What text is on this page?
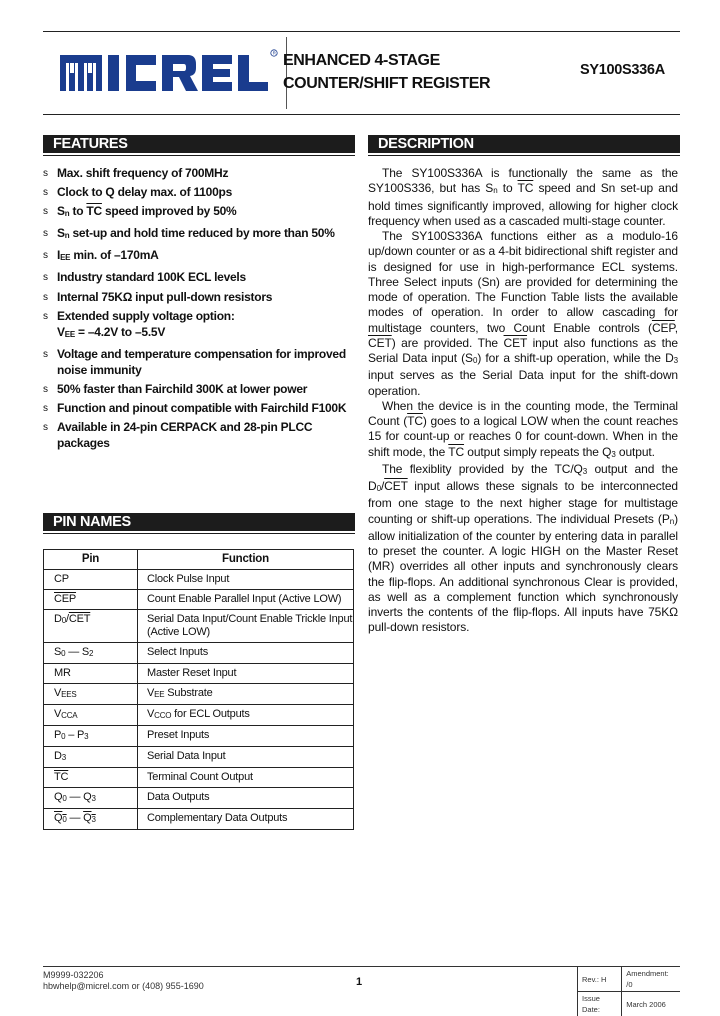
R ENHANCED 4-STAGE
COUNTER/SHIFT REGISTER
SY100S336A
FEATURES
s Max. shift frequency of 700MHz
s Clock to Q delay max. of 1100ps
s $S_n$ to $\overline{TC}$ speed improved by 50%
s $S_n$ set-up and hold time reduced by more than 50%
s $I_{EE}$ min. of –170mA
s Industry standard 100K ECL levels
s Internal 75KΩ input pull-down resistors
s Extended supply voltage option:
$V_{EE} = -4.2V$ to –5.5V
s Voltage and temperature compensation for improved noise immunity
s 50% faster than Fairchild 300K at lower power
s Function and pinout compatible with Fairchild F100K
s Available in 24-pin CERPACK and 28-pin PLCC packages
PIN NAMES
Pin	Function
CP	Clock Pulse Input
$\overline{CEP}$	Count Enable Parallel Input (Active LOW)
$D_0/\overline{CET}$	Serial Data Input/Count Enable Trickle Input (Active LOW)
$S_0$ — $S_2$	Select Inputs
MR	Master Reset Input
$V_{EES}$	$V_{EE}$ Substrate
$V_{CCA}$	$V_{CCO}$ for ECL Outputs
$P_0 - P_3$	Preset Inputs
$D_3$	Serial Data Input
$\overline{TC}$	Terminal Count Output
$Q_0$ — $Q_3$	Data Outputs
$Q_0$ — $Q_3$	Complementary Data Outputs
DESCRIPTION

The SY100S336A is functionally the same as the SY100S336, but has $S_n$ to $\overline{TC}$ speed and Sn set-up and hold times significantly improved, allowing for higher clock frequency when used as a cascaded multi-stage counter.

The SY100S336A functions either as a modulo-16 up/down counter or as a 4-bit bidirectional shift register and is designed for use in high-performance ECL systems. Three Select inputs (Sn) are provided for determining the mode of operation. The Function Table lists the available modes of operation. In order to allow cascading for multistage counters, two Count Enable controls ($\overline{CEP}$, $\overline{CET}$) are provided. The $\overline{CET}$ input also functions as the Serial Data input $(S_0)$ for a shift-up operation, while the $D_3$ input serves as the Serial Data input for the shift-down operation.

When the device is in the counting mode, the Terminal Count $(\overline{TC})$ goes to a logical LOW when the count reaches 15 for count-up or reaches 0 for count-down. When in the shift mode, the $\overline{TC}$ output simply repeats the $Q_3$ output.

The flexiblity provided by the $TC/Q_3$ output and the $D_0/\overline{CET}$ input allows these signals to be interconnected from one stage to the next higher stage for multistage counting or shift-up operations. The individual Presets $(P_n)$ allow initialization of the counter by entering data in parallel to preset the counter. A logic HIGH on the Master Reset (MR) overrides all other inputs and synchronously clears the flip-flops. An additional synchronous Clear is provided, as well as a complement function which synchronously inverts the contents of the flip-flops. All inputs have 75KΩ pull-down resistors.

M9999-032206
hbwhelp@micrel.com or (408) 955-1690	1	Rev.: H	Amendment: /0
Issue Date:	March 2006
